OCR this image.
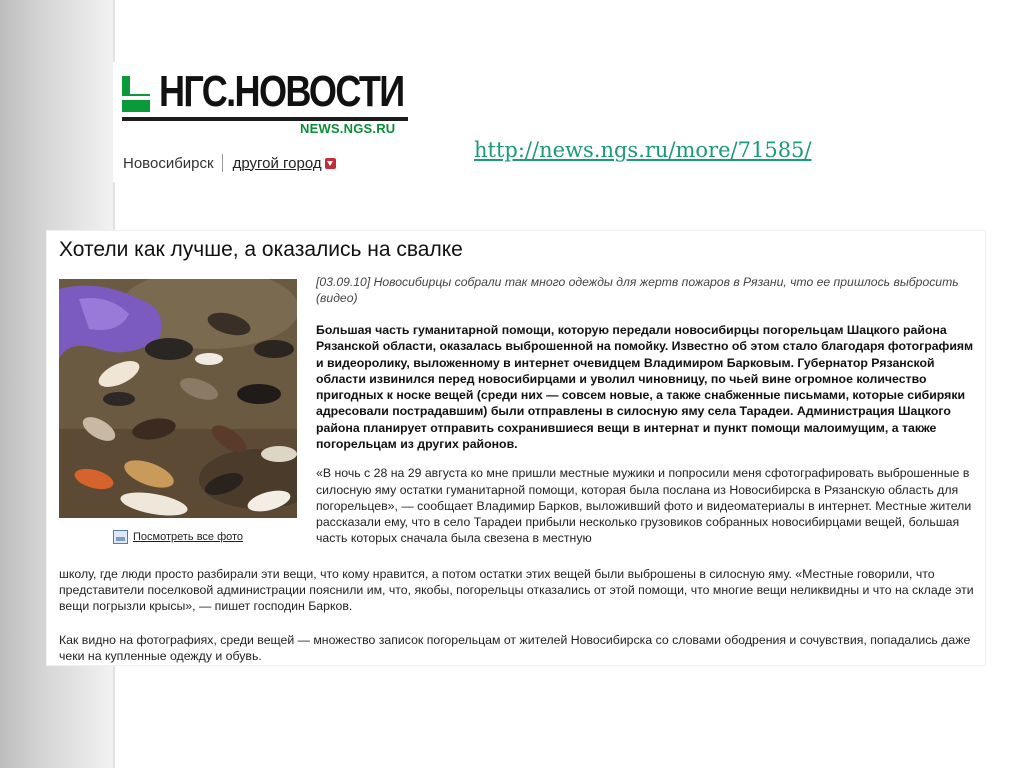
НГС.НОВОСТИ
NEWS.NGS.RU
Новосибирск другой город
http://news.ngs.ru/more/71585/
Хотели как лучше, а оказались на свалке
Посмотреть все фото

[03.09.10] Новосибирцы собрали так много одежды для жертв пожаров в Рязани, что ее пришлось выбросить (видео)

Большая часть гуманитарной помощи, которую передали новосибирцы погорельцам Шацкого района Рязанской области, оказалась выброшенной на помойку. Известно об этом стало благодаря фотографиям и видеоролику, выложенному в интернет очевидцем Владимиром Барковым. Губернатор Рязанской области извинился перед новосибирцами и уволил чиновницу, по чьей вине огромное количество пригодных к носке вещей (среди них — совсем новые, а также снабженные письмами, которые сибиряки адресовали пострадавшим) были отправлены в силосную яму села Тарадеи. Администрация Шацкого района планирует отправить сохранившиеся вещи в интернат и пункт помощи малоимущим, а также погорельцам из других районов.

«В ночь с 28 на 29 августа ко мне пришли местные мужики и попросили меня сфотографировать выброшенные в силосную яму остатки гуманитарной помощи, которая была послана из Новосибирска в Рязанскую область для погорельцев», — сообщает Владимир Барков, выложивший фото и видеоматериалы в интернет. Местные жители рассказали ему, что в село Тарадеи прибыли несколько грузовиков собранных новосибирцами вещей, большая часть которых сначала была свезена в местную

школу, где люди просто разбирали эти вещи, что кому нравится, а потом остатки этих вещей были выброшены в силосную яму. «Местные говорили, что представители поселковой администрации пояснили им, что, якобы, погорельцы отказались от этой помощи, что многие вещи неликвидны и что на складе эти вещи погрызли крысы», — пишет господин Барков.

Как видно на фотографиях, среди вещей — множество записок погорельцам от жителей Новосибирска со словами ободрения и сочувствия, попадались даже чеки на купленные одежду и обувь.
